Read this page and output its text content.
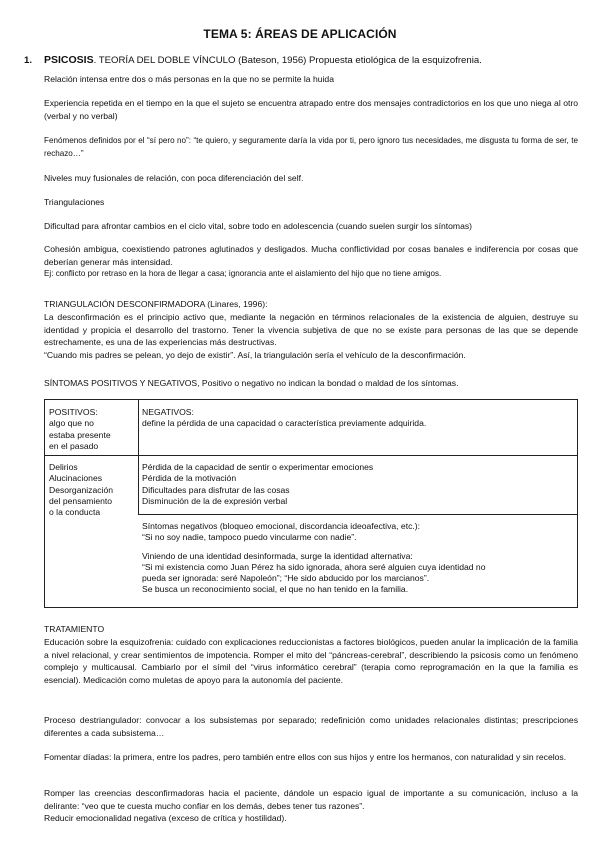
TEMA 5: ÁREAS DE APLICACIÓN
1. PSICOSIS. TEORÍA DEL DOBLE VÍNCULO (Bateson, 1956) Propuesta etiológica de la esquizofrenia.
Relación intensa entre dos o más personas en la que no se permite la huida
Experiencia repetida en el tiempo en la que el sujeto se encuentra atrapado entre dos mensajes contradictorios en los que uno niega al otro (verbal y no verbal)
Fenómenos definidos por el “sí pero no”: “te quiero, y seguramente daría la vida por ti, pero ignoro tus necesidades, me disgusta tu forma de ser, te rechazo…”
Niveles muy fusionales de relación, con poca diferenciación del self.
Triangulaciones
Dificultad para afrontar cambios en el ciclo vital, sobre todo en adolescencia (cuando suelen surgir los síntomas)
Cohesión ambigua, coexistiendo patrones aglutinados y desligados. Mucha conflictividad por cosas banales e indiferencia por cosas que deberían generar más intensidad.
Ej: conflicto por retraso en la hora de llegar a casa; ignorancia ante el aislamiento del hijo que no tiene amigos.
TRIANGULACIÓN DESCONFIRMADORA (Linares, 1996):
La desconfirmación es el principio activo que, mediante la negación en términos relacionales de la existencia de alguien, destruye su identidad y propicia el desarrollo del trastorno. Tener la vivencia subjetiva de que no se existe para personas de las que se depende estrechamente, es una de las experiencias más destructivas.
“Cuando mis padres se pelean, yo dejo de existir”. Así, la triangulación sería el vehículo de la desconfirmación.
SÍNTOMAS POSITIVOS Y NEGATIVOS, Positivo o negativo no indican la bondad o maldad de los síntomas.
POSITIVOS:
algo que no
estaba presente
en el pasado
NEGATIVOS:
define la pérdida de una capacidad o característica previamente adquirida.
Delirios
Alucinaciones
Desorganización
del pensamiento
o la conducta
Pérdida de la capacidad de sentir o experimentar emociones
Pérdida de la motivación
Dificultades para disfrutar de las cosas
Disminución de la de expresión verbal
Síntomas negativos (bloqueo emocional, discordancia ideoafectiva, etc.):
“Si no soy nadie, tampoco puedo vincularme con nadie”.
Viniendo de una identidad desinformada, surge la identidad alternativa:
“Si mi existencia como Juan Pérez ha sido ignorada, ahora seré alguien cuya identidad no
pueda ser ignorada: seré Napoleón”; “He sido abducido por los marcianos”.
Se busca un reconocimiento social, el que no han tenido en la familia.
TRATAMIENTO
Educación sobre la esquizofrenia: cuidado con explicaciones reduccionistas a factores biológicos, pueden anular la implicación de la familia a nivel relacional, y crear sentimientos de impotencia. Romper el mito del “páncreas-cerebral”, describiendo la psicosis como un fenómeno complejo y multicausal. Cambiarlo por el símil del “virus informático cerebral” (terapia como reprogramación en la que la familia es esencial). Medicación como muletas de apoyo para la autonomía del paciente.
Proceso destriangulador: convocar a los subsistemas por separado; redefinición como unidades relacionales distintas; prescripciones diferentes a cada subsistema…
Fomentar díadas: la primera, entre los padres, pero también entre ellos con sus hijos y entre los hermanos, con naturalidad y sin recelos.
Romper las creencias desconfirmadoras hacia el paciente, dándole un espacio igual de importante a su comunicación, incluso a la delirante: “veo que te cuesta mucho confiar en los demás, debes tener tus razones”.
Reducir emocionalidad negativa (exceso de crítica y hostilidad).
